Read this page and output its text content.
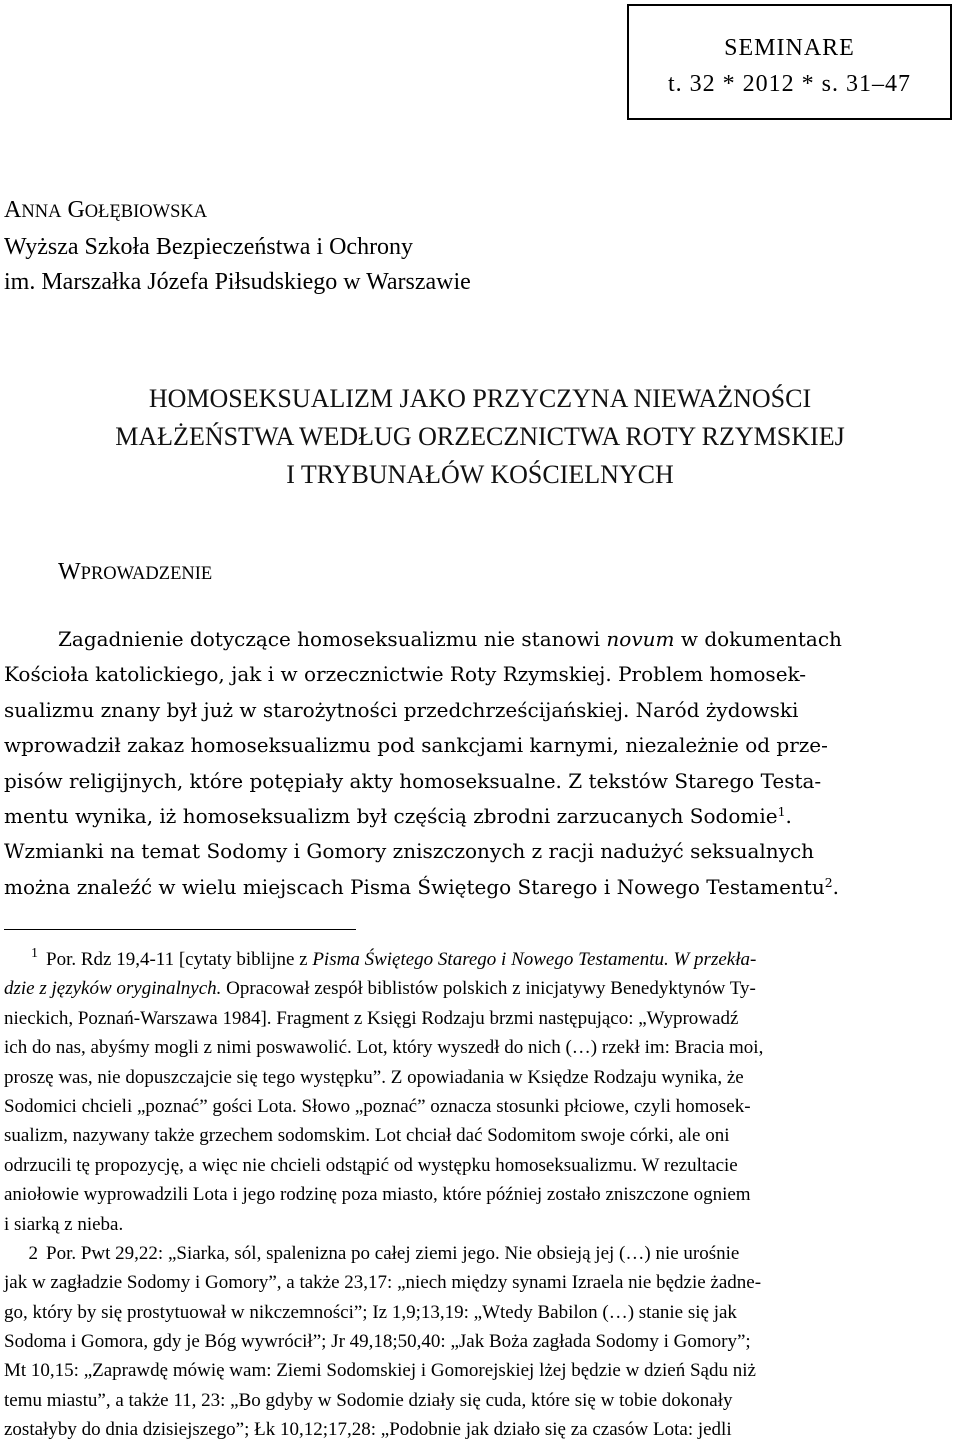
SEMINARE
t. 32 * 2012 * s. 31–47
ANNA GOŁĘBIOWSKA
Wyższa Szkoła Bezpieczeństwa i Ochrony
im. Marszałka Józefa Piłsudskiego w Warszawie
HOMOSEKSUALIZM JAKO PRZYCZYNA NIEWAŻNOŚCI
MAŁŻEŃSTWA WEDŁUG ORZECZNICTWA ROTY RZYMSKIEJ
I TRYBUNAŁÓW KOŚCIELNYCH
WPROWADZENIE
Zagadnienie dotyczące homoseksualizmu nie stanowi novum w dokumentach
Kościoła katolickiego, jak i w orzecznictwie Roty Rzymskiej. Problem homosek-
sualizmu znany był już w starożytności przedchrześcijańskiej. Naród żydowski
wprowadził zakaz homoseksualizmu pod sankcjami karnymi, niezależnie od prze-
pisów religijnych, które potępiały akty homoseksualne. Z tekstów Starego Testa-
mentu wynika, iż homoseksualizm był częścią zbrodni zarzucanych Sodomie$^1$.
Wzmianki na temat Sodomy i Gomory zniszczonych z racji nadużyć seksualnych
można znaleźć w wielu miejscach Pisma Świętego Starego i Nowego Testamentu$^2$.
1 Por. Rdz 19,4-11 [cytaty biblijne z Pisma Świętego Starego i Nowego Testamentu. W przekła-
dzie z języków oryginalnych. Opracował zespół biblistów polskich z inicjatywy Benedyktynów Ty-
nieckich, Poznań-Warszawa 1984]. Fragment z Księgi Rodzaju brzmi następująco: „Wyprowadź
ich do nas, abyśmy mogli z nimi poswawolić. Lot, który wyszedł do nich (…) rzekł im: Bracia moi,
proszę was, nie dopuszczajcie się tego występku”. Z opowiadania w Księdze Rodzaju wynika, że
Sodomici chcieli „poznać” gości Lota. Słowo „poznać” oznacza stosunki płciowe, czyli homosek-
sualizm, nazywany także grzechem sodomskim. Lot chciał dać Sodomitom swoje córki, ale oni
odrzucili tę propozycję, a więc nie chcieli odstąpić od występku homoseksualizmu. W rezultacie
aniołowie wyprowadzili Lota i jego rodzinę poza miasto, które później zostało zniszczone ogniem
i siarką z nieba.
2 Por. Pwt 29,22: „Siarka, sól, spalenizna po całej ziemi jego. Nie obsieją jej (…) nie urośnie
jak w zagładzie Sodomy i Gomory”, a także 23,17: „niech między synami Izraela nie będzie żadne-
go, który by się prostytuował w nikczemności”; Iz 1,9;13,19: „Wtedy Babilon (…) stanie się jak
Sodoma i Gomora, gdy je Bóg wywrócił”; Jr 49,18;50,40: „Jak Boża zagłada Sodomy i Gomory”;
Mt 10,15: „Zaprawdę mówię wam: Ziemi Sodomskiej i Gomorejskiej lżej będzie w dzień Sądu niż
temu miastu”, a także 11, 23: „Bo gdyby w Sodomie działy się cuda, które się w tobie dokonały
zostałyby do dnia dzisiejszego”; Łk 10,12;17,28: „Podobnie jak działo się za czasów Lota: jedli
